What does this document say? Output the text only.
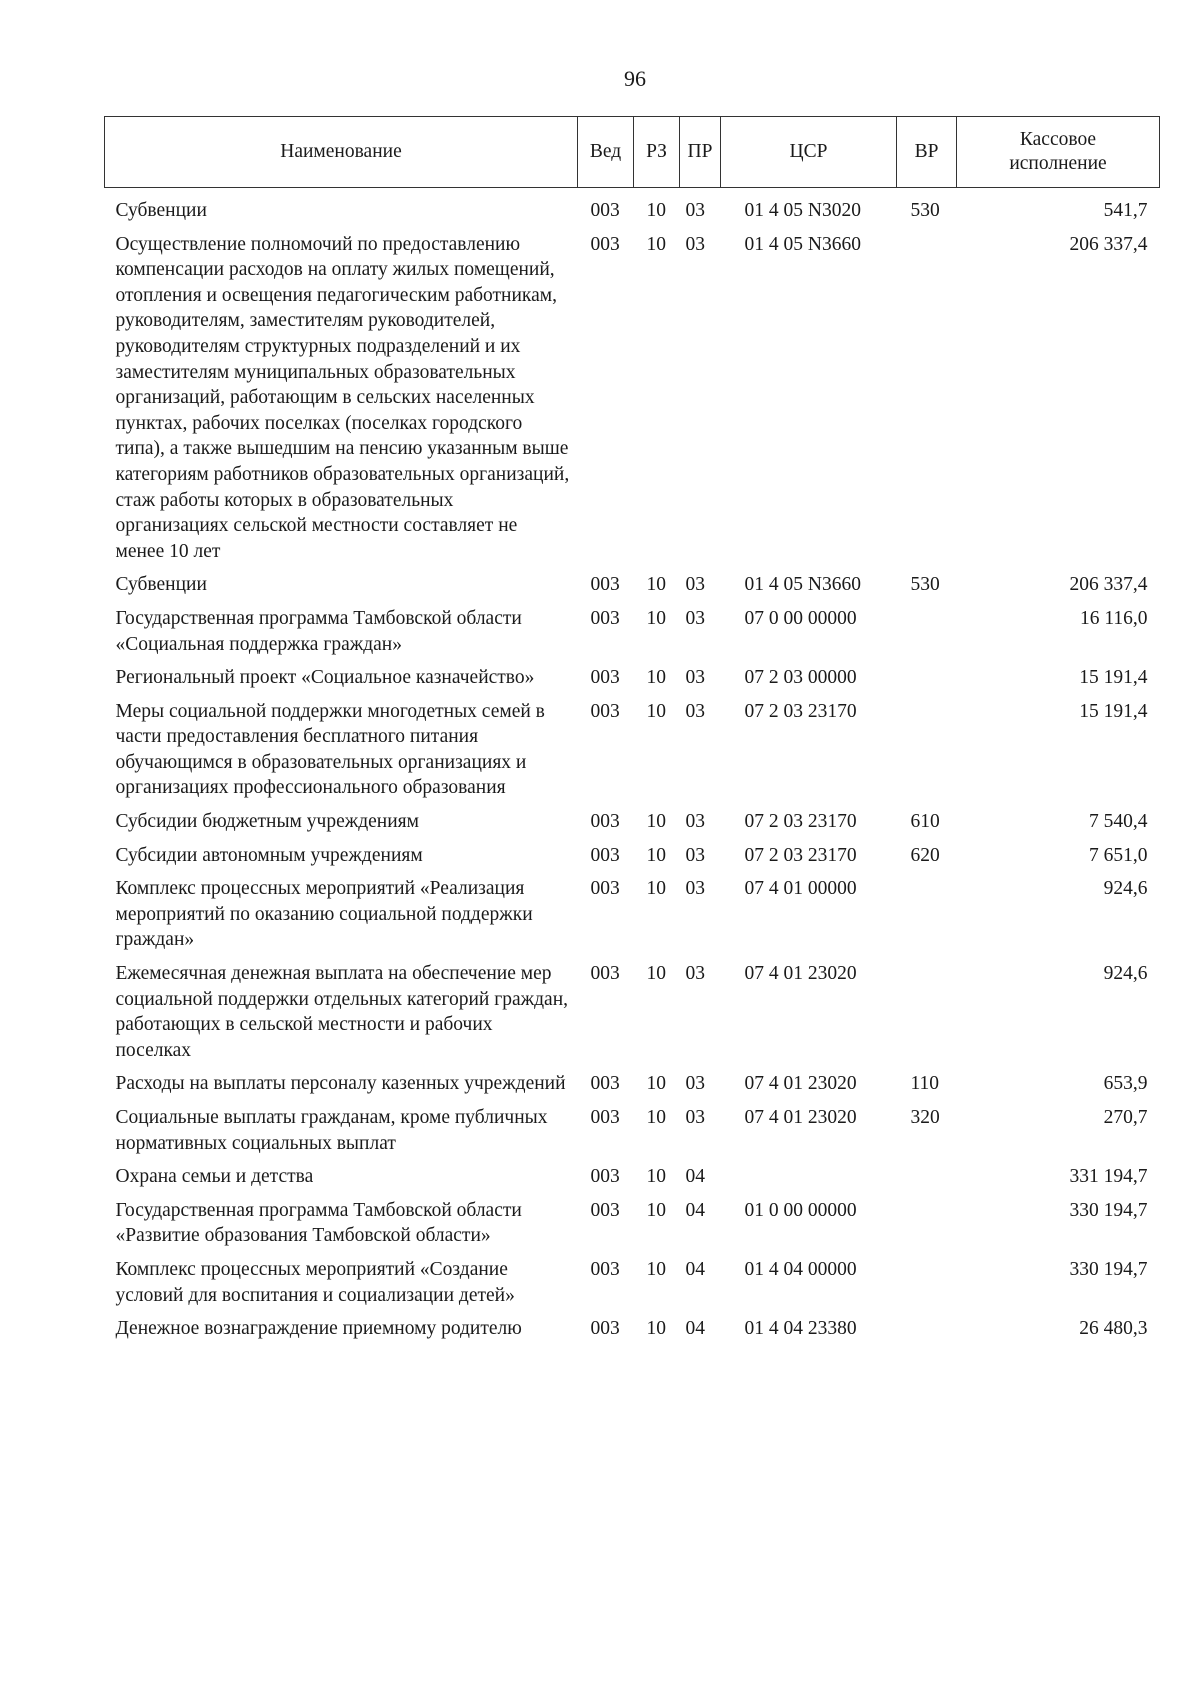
96
Наименование	Вед	РЗ	ПР	ЦСР	ВР	Кассовое
исполнение
Субвенции	003	10	03	01 4 05 N3020	530	541,7
Осуществление полномочий по предоставлению компенсации расходов на оплату жилых помещений, отопления и освещения педагогическим работникам, руководителям, заместителям руководителей, руководителям структурных подразделений и их заместителям муниципальных образовательных организаций, работающим в сельских населенных пунктах, рабочих поселках (поселках городского типа), а также вышедшим на пенсию указанным выше категориям работников образовательных организаций, стаж работы которых в образовательных организациях сельской местности составляет не менее 10 лет	003	10	03	01 4 05 N3660		206 337,4
Субвенции	003	10	03	01 4 05 N3660	530	206 337,4
Государственная программа Тамбовской области «Социальная поддержка граждан»	003	10	03	07 0 00 00000		16 116,0
Региональный проект «Социальное казначейство»	003	10	03	07 2 03 00000		15 191,4
Меры социальной поддержки многодетных семей в части предоставления бесплатного питания обучающимся в образовательных организациях и организациях профессионального образования	003	10	03	07 2 03 23170		15 191,4
Субсидии бюджетным учреждениям	003	10	03	07 2 03 23170	610	7 540,4
Субсидии автономным учреждениям	003	10	03	07 2 03 23170	620	7 651,0
Комплекс процессных мероприятий «Реализация мероприятий по оказанию социальной поддержки граждан»	003	10	03	07 4 01 00000		924,6
Ежемесячная денежная выплата на обеспечение мер социальной поддержки отдельных категорий граждан, работающих в сельской местности и рабочих поселках	003	10	03	07 4 01 23020		924,6
Расходы на выплаты персоналу казенных учреждений	003	10	03	07 4 01 23020	110	653,9
Социальные выплаты гражданам, кроме публичных нормативных социальных выплат	003	10	03	07 4 01 23020	320	270,7
Охрана семьи и детства	003	10	04			331 194,7
Государственная программа Тамбовской области «Развитие образования Тамбовской области»	003	10	04	01 0 00 00000		330 194,7
Комплекс процессных мероприятий «Создание условий для воспитания и социализации детей»	003	10	04	01 4 04 00000		330 194,7
Денежное вознаграждение приемному родителю	003	10	04	01 4 04 23380		26 480,3
